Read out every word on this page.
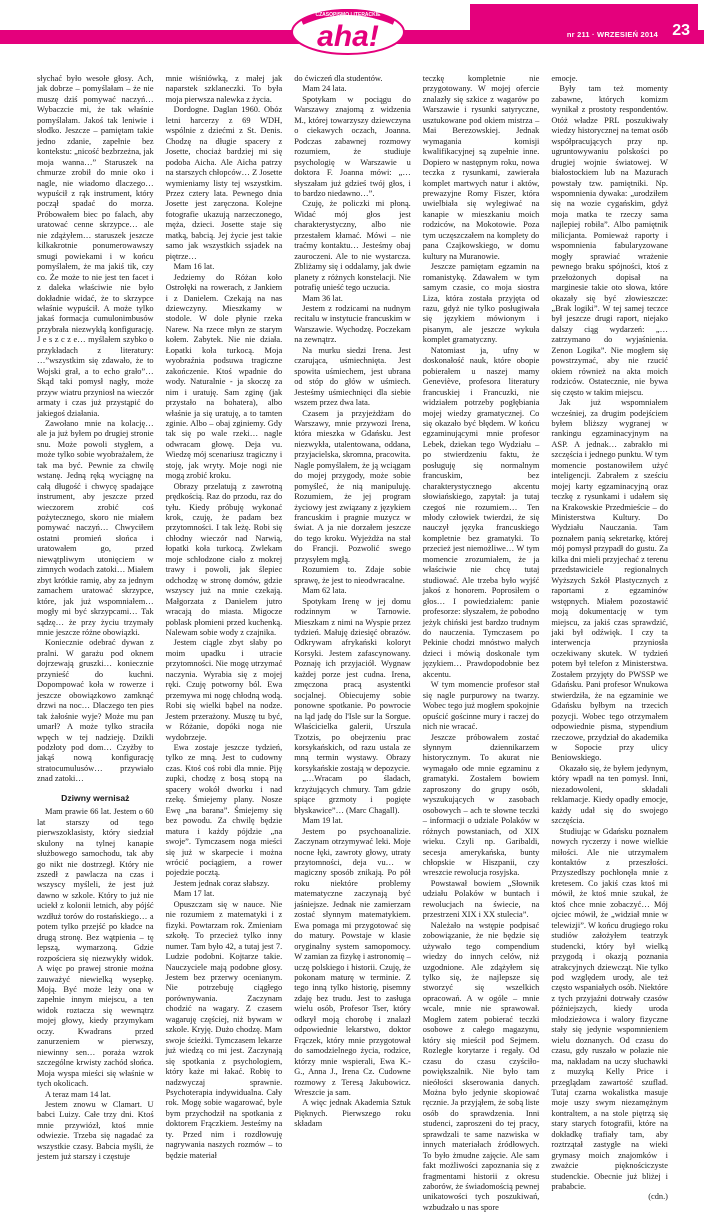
CZASOPISMO LITERACKIE
aha!	nr 211 · WRZESIEŃ 2014 23

słychać było wesołe głosy. Ach, jak dobrze – pomyślałam – że nie muszę dziś pomywać naczyń… Wybaczcie mi, że tak właśnie pomyślałam. Jakoś tak leniwie i słodko. Jeszcze – pamiętam takie jedno zdanie, zapełnie bez kontekstu: „nicość bezbrzeżna, jak moja wanna…” Staruszek na chmurze zrobił do mnie oko i nagle, nie wiadomo dlaczego… wypuścił z rąk instrument, który począł spadać do morza. Próbowałem biec po falach, aby uratować cenne skrzypce… ale nie zdążyłem… staruszek jeszcze kilkakrotnie ponumerowawszy smugi powiekami i w końcu pomyślałem, że ma jakiś tik, czy co. Że może to nie jest ten facet i z daleka właściwie nie było dokładnie widać, że to skrzypce właśnie wypuścił. A może tylko jakaś formacja cumulonimbusów przybrała niezwykłą konfigurację. J e s z c z e… myślałem szybko o przykładach z literatury: …”wszystkim się zdawało, że to Wojski grał, a to echo grało”… Skąd taki pomysł nagły, może przyw wiatru przyniosł na wieczór armaty i czas już przystąpić do jakiegoś działania.

Zawołano mnie na kolację… ale ja już byłem po drugiej stronie snu. Może powoli stygłem, a może tylko sobie wyobrażałem, że tak ma być. Pewnie za chwilę wstanę. Jedną ręką wyciągnę na całą długość i chwycę spadające instrument, aby jeszcze przed wieczorem zrobić coś pożytecznego, skoro nie miałem pomywać naczyń… Chwyciłem ostatni promień słońca i uratowałem go, przed niewątpliwym utonięciem w zimnych wodach zatoki… Miałem zbyt krótkie ramię, aby za jednym zamachem uratować skrzypce, które, jak już wspomniałem… mogły mi być skrzypcami… Tak sądzę… że przy życiu trzymały mnie jeszcze różne obowiązki.

Koniecznie odebrać dywan z pralni. W garażu pod oknem dojrzewają gruszki… koniecznie przynieść do kuchni. Dopompować koła w rowerze i jeszcze obowiązkowo zamknąć drzwi na noc… Dlaczego ten pies tak żałośnie wyje? Może mu pan umarł? A może tylko straciła wpęch w tej nadzieję. Dzikli podzłoty pod dom… Czyżby to jakąś nową konfigurację stratocumulusów… przywiało znad zatoki…

Dziwny wernisaż

Mam prawie 66 lat. Jestem o 60 lat starszy od tego pierwszoklasisty, który siedział skulony na tylnej kanapie służbowego samochodu, tak aby go nikt nie dostrzegł. Który nie zszedł z pawlacza na czas i wszyscy myśleli, że jest już dawno w szkole. Który to już nie uciekł z kolonii letnich, aby pójść wzdłuż torów do rostańskiego… a potem tylko przejść po kładce na drugą stronę. Bez wątpienia – tę lepszą, wymarzoną. Gdzie rozpościera się niezwykły widok. A więc po prawej stronie można zauważyć niewielką wysepkę. Moją. Być może leży ona w zapełnie innym miejscu, a ten widok roztacza się wewnątrz mojej głowy, kiedy przymykam oczy. Kwadrans przed zanurzeniem w pierwszy, niewinny sen… poraża wzrok szczególne krwisty zachód słońca. Moja wyspa mieści się właśnie w tych okolicach.

A teraz mam 14 lat.

Jestem znowu w Clamart. U babci Luizy. Całe trzy dni. Ktoś mnie przywiózł, ktoś mnie odwiezie. Trzeba się nagadać za wszystkie czasy. Babcia myśli, że jestem już starszy i częstuje

mnie wiśniówką, z małej jak naparstek szklaneczki. To była moja pierwsza nalewka z życia.

Dordogne. Daglan 1960. Obóz letni harcerzy z 69 WDH, wspólnie z dziećmi z St. Denis. Chodzę na długie spacery z Josette, chociaż bardziej mi się podoba Aicha. Ale Aicha patrzy na starszych chłopców… Z Josette wymieniamy listy tej wszystkim. Przez cztery lata. Pewnego dnia Josette jest zaręczona. Kolejne fotografie ukazują narzeczonego, męża, dzieci. Josette staje się matką, babcią. Jej życie jest takie samo jak wszystkich ssjadek na piętrze…

Mam 16 lat.

Jedziemy do Różan koło Ostrołęki na rowerach, z Jankiem i z Danielem. Czekają na nas dziewczyny. Mieszkamy w stodole. W dole płynie rzeka Narew. Na rzece młyn ze starym kołem. Zabytek. Nie nie działa. Łopatki koła turkocą. Moja wyobraźnia podsuwa tragiczne zakończenie. Ktoś wpadnie do wody. Naturalnie - ja skoczę za nim i uratuję. Sam zginę (jak przystało na bohatera), albo właśnie ja się uratuję, a to tamten zginie. Albo – obaj zginiemy. Gdy tak się po wale rzeki… nagle odwracam głowę. Deja vu. Wiedzę mój scenariusz tragiczny i stoję, jak wryty. Moje nogi nie mogą zrobić kroku.

Obrazy przelatują z zawrotną prędkością. Raz do przodu, raz do tyłu. Kiedy próbuję wykonać krok, czuję, że padam bez przytomności. I tak leżę. Robi się chłodny wieczór nad Narwią, łopatki koła turkocą. Zwlekam moje schłodzone ciało z mokrej trawy i powoli, jak ślepiec odchodzę w stronę domów, gdzie wszyscy już na mnie czekają. Małgorzata z Danielem jutro wracają do miasta. Migocze poblask płomieni przed kuchenką. Nalewam sobie wody z czajnika.

Jestem ciągle zbyt słaby po moim upadku i utracie przytomności. Nie mogę utrzymać naczynia. Wyrabia się z mojej ręki. Czuję potworny ból. Ewa przemywa mi nogę chłodną wodą. Robi się wielki bąbel na nodze. Jestem przerażony. Muszę tu być, w Różanie, dopóki noga nie wydobrzeje.

Ewa zostaje jeszcze tydzień, tylko ze mną. Jest to cudowny czas. Ktoś coś robi dla mnie. Piję zupki, chodzę z bosą stopą na spacery wokół dworku i nad rzekę. Śmiejemy plany. Nosze Ewę „na barana”. Śmiejemy się bez powodu. Za chwilę będzie matura i każdy pójdzie „na swoje”. Tymczasem noga mieści się już w skarpecie i można wrócić pociągiem, a rower pojedzie pocztą.

Jestem jednak coraz słabszy.

Mam 17 lat.

Opuszczam się w nauce. Nie nie rozumiem z matematyki i z fizyki. Powtarzam rok. Zmieniam szkołę. To przecież tylko inny numer. Tam było 42, a tutaj jest 7. Ludzie podobni. Kojtarze takie. Nauczyciele mają podobne głosy. Jestem bez przerwy ocenianym. Nie potrzebuję ciągłego porównywania. Zaczynam chodzić na wagary. Z czasem wagaruję częściej, niż bywam w szkole. Kryję. Dużo chodzę. Mam swoje ścieżki. Tymczasem lekarze już wiedzą co mi jest. Zaczynają się spotkania z psychologiem, który każe mi łakać. Robię to nadzwyczaj sprawnie. Psychoterapia indywidualna. Cały rok. Mogę sobie wagarować, byle bym przychodził na spotkania z doktorem Frączkiem. Jesteśmy na ty. Przed nim i rozdłowuję nagrywania naszych rozmów – to będzie materiał

do ćwiczeń dla studentów.

Mam 24 lata.

Spotykam w pociągu do Warszawy znajomą z widzenia M., której towarzyszy dziewczyna o ciekawych oczach, Joanna. Podczas zabawnej rozmowy rozumiem, że studiuje psychologię w Warszawie u doktora F. Joanna mówi: „…słyszałam już gdzieś twój głos, i to bardzo niedawno…”.

Czuję, że policzki mi płoną. Widać mój głos jest charakterystyczny, albo nie przestałem kłamać. Mówi – nie traćmy kontaktu… Jesteśmy obaj zauroczeni. Ale to nie wystarcza. Zbliżamy się i oddalamy, jak dwie planety z różnych konstelacji. Nie potrafię unieść tego uczucia.

Mam 36 lat.

Jestem z rodzicami na nudnym recitalu w instytucie francuskim w Warszawie. Wychodzę. Poczekam na zewnątrz.

Na murku siedzi Irena. Jest czarująca, uśmiechnięta. Jest spowita uśmiechem, jest ubrana od stóp do głów w uśmiech. Jesteśmy uśmiechnięci dla siebie wszem przez dwa lata.

Czasem ja przyjeżdżam do Warszawy, mnie przywozi Irena, która mieszka w Gdańsku. Jest niezwykła, utalentowana, oddana, przyjacielska, skromna, pracowita. Nagle pomyślałem, że ją wciągam do mojej przygody, może sobie pomyśleć, że nią manipuluję. Rozumiem, że jej program życiowy jest związany z językiem francuskim i pragnie muzycz w świat. A ja nie dorzałem jeszcze do tego kroku. Wyjeżdża na stał do Francji. Pozwolić swego przysyłem mgłą.

Rozumiem to. Zdaje sobie sprawę, że jest to nieodwracalne.

Mam 62 lata.

Spotykam Irenę w jej domu rodzinnym w Tarnowie. Mieszkam z nimi na Wyspie przez tydzień. Małuję dziesięć obrazów. Odkrywam afrykański koloryt Korsyki. Jestem zafascynowany. Poznaję ich przyjaciół. Wygnaw każdej porze jest cudna. Irena, zmęczona pracą asystentki socjalnej. Obiecujemy sobie ponowne spotkanie. Po powrocie na ląd jadę do l'Isle sur la Sorgue. Właścicielka galerii, Urszula Tzotzis, po obejrzeniu prac korsykańskich, od razu ustala ze mną termin wystawy. Obrazy korsykańskie zostają w depozycie.

„…Wracam po śladach, krzyżujących chmury. Tam gdzie spiące grzmoty i pogięte błyskawice”… (Marc Chagall).

Mam 19 lat.

Jestem po psychoanalizie. Zaczynam otrzymywać leki. Moje nocne łęki, zawroty głowy, utraty przytomności, deja vu… w magiczny sposób znikają. Po pół roku niektóre problemy matematyczne zaczynają być jaśniejsze. Jednak nie zamierzam zostać słynnym matematykiem. Ewa pomaga mi przygotować się do matury. Powstaje w klasie oryginalny system samopomocy. W zamian za fizykę i astronomię – uczę polskiego i historii. Czuję, że pokonam maturę w terminie. Z tego inną tylko historię, pisemny zdaję bez trudu. Jest to zasługa wielu osób, Profesor Tser, który odkrył moją chorobę i znalazł odpowiednie lekarstwo, doktor Frączek, który mnie przygotował do samodzielnego życia, rodzice, którzy mnie wspierali, Ewa K.- G., Anna J., Irena Cz. Cudowne rozmowy z Teresą Jakubowicz. Wreszcie ja sam.

A więc jednak Akademia Sztuk Pięknych. Pierwszego roku składam

teczkę kompletnie nie przygotowany. W mojej ofercie znalazły się szkice z wagarów po Warszawie i rysunki satyryczne, usztukowane pod okiem mistrza – Mai Berezowskiej. Jednak wymagania komisji kwalifikacyjnej są zupełnie inne. Dopiero w następnym roku, nowa teczka z rysunkami, zawierała komplet martwych natur i aktów, prewazyjne Romy Fiszer, która uwielbiała się wylegiwać na kanapie w mieszkaniu moich rodziców, na Mokotowie. Poza tym uczęszczałem na komplety do pana Czajkowskiego, w domu kultury na Muranowie.

Jeszcze pamiętam egzamin na romanistykę. Zdawałem w tym samym czasie, co moja siostra Liza, która została przyjęta od razu, gdyż nie tylko posługiwała się językiem mówionym i pisanym, ale jeszcze wykuła komplet gramatyczny.

Natomiast ja, ufny w doskonałość nauk, które obopie pobierałem u naszej mamy Geneviève, profesora literatury francuskiej i Francuzki, nie widziałem potrzeby pogłębiania mojej wiedzy gramatycznej. Co się okazało być błędem. W końcu egzaminującymi mnie profesor Lebek, dziekan tego Wydziału – po stwierdzeniu faktu, że posługuję się normalnym francuskim, bez charakterystycznego akcentu słowiańskiego, zapytał: ja tutaj czegoś nie rozumiem… Ten młody człowiek twierdzi, że się nauczył języka francuskiego kompletnie bez gramatyki. To przecież jest niemożliwe… W tym momencie zrozumiałem, że ja właściwie nie chcę tutaj studiować. Ale trzeba było wyjść jakoś z honorem. Poprosiłem o głos… I powiedziałem: panie profesorze: słyszałem, że pobodno jeżyk chiński jest bardzo trudnym do nauczenia. Tymczasem po Pekinie chodzi mnóstwo małych dzieci i mówią doskonale tym językiem… Prawdopodobnie bez akcentu.

W tym momencie profesor stał się nagle purpurowy na twarzy. Wobec tego już mogłem spokojnie opuścić gościnne mury i raczej do nich nie wracać.

Jeszcze próbowałem zostać słynnym dziennikarzem historycznym. To akurat nie wymagało ode mnie egzaminu z gramatyki. Zostałem bowiem zaproszony do grupy osób, wyszukujących w zasobach osobowych – ach te słowne teczki – informacji o udziale Polaków w różnych powstaniach, od XIX wieku. Czyli np. Garibaldi, secesja amerykańska, bunty chłopskie w Hiszpanii, czy wreszcie rewolucja rosyjska.

Powstawał bowiem „Słownik udziału Polaków w buntach i rewolucjach na świecie, na przestrzeni XIX i XX stulecia”.

Należało na wstępie podpisać zobowiązanie, że nie będzie się używało tego compendium wiedzy do innych celów, niż uzgodnione. Ale zdążyłem się tylko się, że najlepsze się stworzyć się wszelkich opracowań. A w ogóle – mnie wcale, mnie nie sprawował. Mogłem zatem pobierać teczki osobowe z całego magazynu, który się mieścił pod Sejmem. Rozległe korytarze i regały. Od czasu do czasu czyściło-powiększalnik. Nie było tam nieółości skserowania danych. Można było jedynie skopiować ręcznie. Ja przyjąłem, że sobą liste osób do sprawdzenia. Inni studenci, zaproszeni do tej pracy, sprawdzali te same nazwiska w innych materiałach źródłowych. To było żmudne zajęcie. Ale sam fakt możliwości zapoznania się z fragmentami historii z okresu zaborów, że świadomością pewnej unikatowości tych poszukiwań, wzbudzało u nas spore

emocje.

Były tam też momenty zabawne, których komizm wynikał z prostoty respondentów. Otóż władze PRL poszukiwały wiedzy historycznej na temat osób współpracujących przy np. ugruntowywaniu polskości po drugiej wojnie światowej. W białostockiem lub na Mazurach powstały tzw. pamiętniki. Np. wspomnienia dywaka: „urodziłem się na wozie cygańskim, gdyż moja matka te rzeczy sama najlepiej robiła”. Albo pamiętnik milicjanta. Pomieważ raporty i wspomnienia fabularyzowane mogły sprawiać wrażenie pewnego braku spójności, ktoś z przełożonych dopisał na marginesie takie oto słowa, które okazały się być złowieszcze: „Brak logiki”. W tej samej teczce był jeszcze drugi raport, niejako dalszy ciąg wydarzeń: „…zatrzymano do wyjaśnienia. Zenon Logika”. Nie mogłem się powstrzymać, aby nie rzucić okiem również na akta moich rodziców. Ostatecznie, nie bywa się często w takim miejscu.

Jak już wspomniałem wcześniej, za drugim podejściem byłem bliższy wygranej w rankingu egzaminacyjnym na ASP. A jednak… zabrakło mi szczęścia i jednego punktu. W tym momencie postanowiłem użyć inteligencji. Zabrałem z sześciu mojej karty egzaminacyjną oraz teczkę z rysunkami i udałem się na Krakowskie Przedmieście – do Ministerstwa Kultury. Do Wydziału Nauczania. Tam poznałem panią sekretarkę, której mój pomysł przypadł do gustu. Za kilka dni mieli przyjechać z terenu przedstawiciele regionalnych Wyższych Szkół Plastycznych z raportami z egzaminów wstępnych. Miałem pozostawić moją dokumentację w tym miejscu, za jakiś czas sprawdzić, jaki był odźwięk. I czy ta interwencja przyniosła oczekiwany skutek. W tydzień potem był telefon z Ministerstwa. Zostałem przyjęty do PWSSP we Gdańsku. Pani profesor Wnukowa stwierdziła, że na egzaminie we Gdańsku byłbym na trzecich pozycji. Wobec tego otrzymałem odpowiednie pisma, stypendium rzeczowe, przydział do akademika w Sopocie przy ulicy Beniowskiego.

Okazało się, że byłem jedynym, który wpadł na ten pomysł. Inni, niezadowoleni, składali reklamacje. Kiedy opadły emocje, każdy udał się do swojego szczęścia.

Studiując w Gdańsku poznałem nowych ryczerzy i nowe wielkie miłości. Ale nie utrzymałem kontaktów z przeszłości. Przyszedłszy pochłonęła mnie z kretesem. Co jakiś czas ktoś mi mówił, że ktoś mnie szukał, że ktoś chce mnie zobaczyć… Mój ojciec mówił, że „widział mnie w telewizji”. W końcu drugiego roku studiów założyłem teatrzyk studencki, który był wielką przygodą i okazją poznania atrakcyjnych dziewcząt. Nie tylko pod względem urody, ale też często wspaniałych osób. Niektóre z tych przyjaźni dotrwały czasów późniejszych, kiedy uroda młodzieżowca i walory fizyczne stały się jedynie wspomnieniem wielu doznanych. Od czasu do czasu, gdy ruszało w połazie nie ma, nakładam na uczy słuchawki z muzyką Kelly Price i przeglądam zawartość szuflad. Tutaj czarna wokalistka masuje moje uszy swym niezamężnym kontraltem, a na stole piętrzą się stary starych fotografii, które na dokładkę trafiały tam, aby roztrzątał zastygłe na wieki grymasy moich znajomków i zważcie pięknościczyste studenckie. Obecnie już bliżej i prababcie.

(cdn.)
